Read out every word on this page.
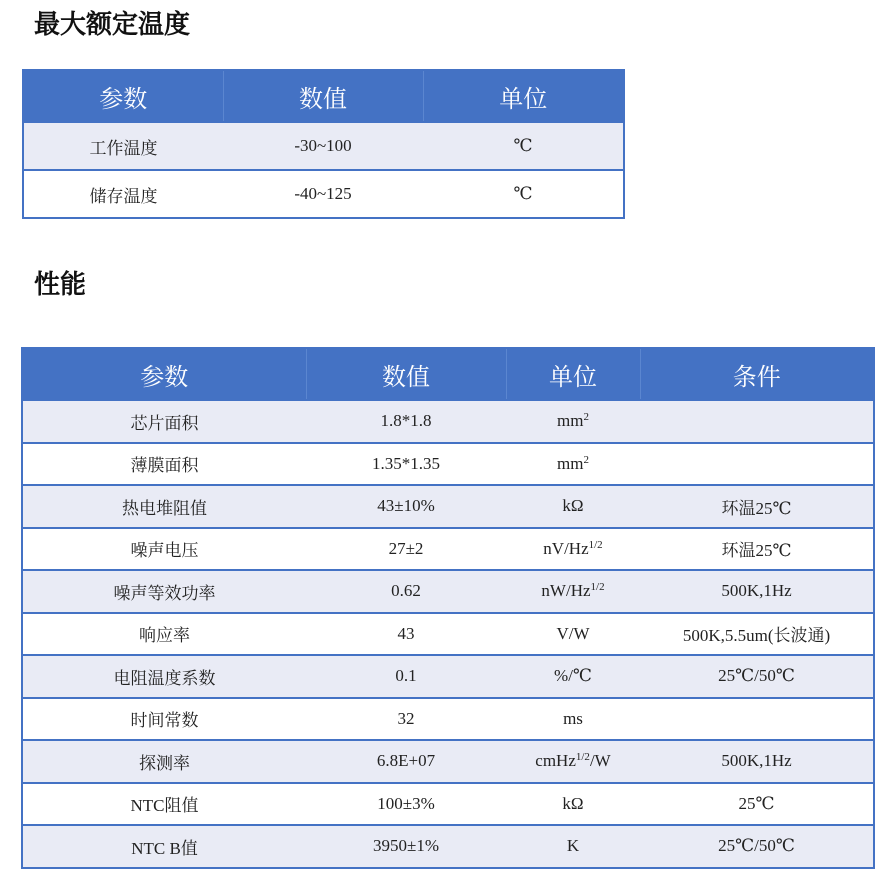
最大额定温度
参数	数值	单位
工作温度	-30~100	℃
储存温度	-40~125	℃
性能
参数	数值	单位	条件
芯片面积	1.8*1.8	$mm^2$	
薄膜面积	1.35*1.35	$mm^2$	
热电堆阻值	43±10%	kΩ	环温25℃
噪声电压	27±2	$nV/Hz^{1/2}$	环温25℃
噪声等效功率	0.62	$nW/Hz^{1/2}$	500K,1Hz
响应率	43	V/W	500K,5.5um(长波通)
电阻温度系数	0.1	%/℃	25℃/50℃
时间常数	32	ms	
探测率	6.8E+07	cmHz$^{1/2}$/W	500K,1Hz
NTC阻值	100±3%	kΩ	25℃
NTC B值	3950±1%	K	25℃/50℃
